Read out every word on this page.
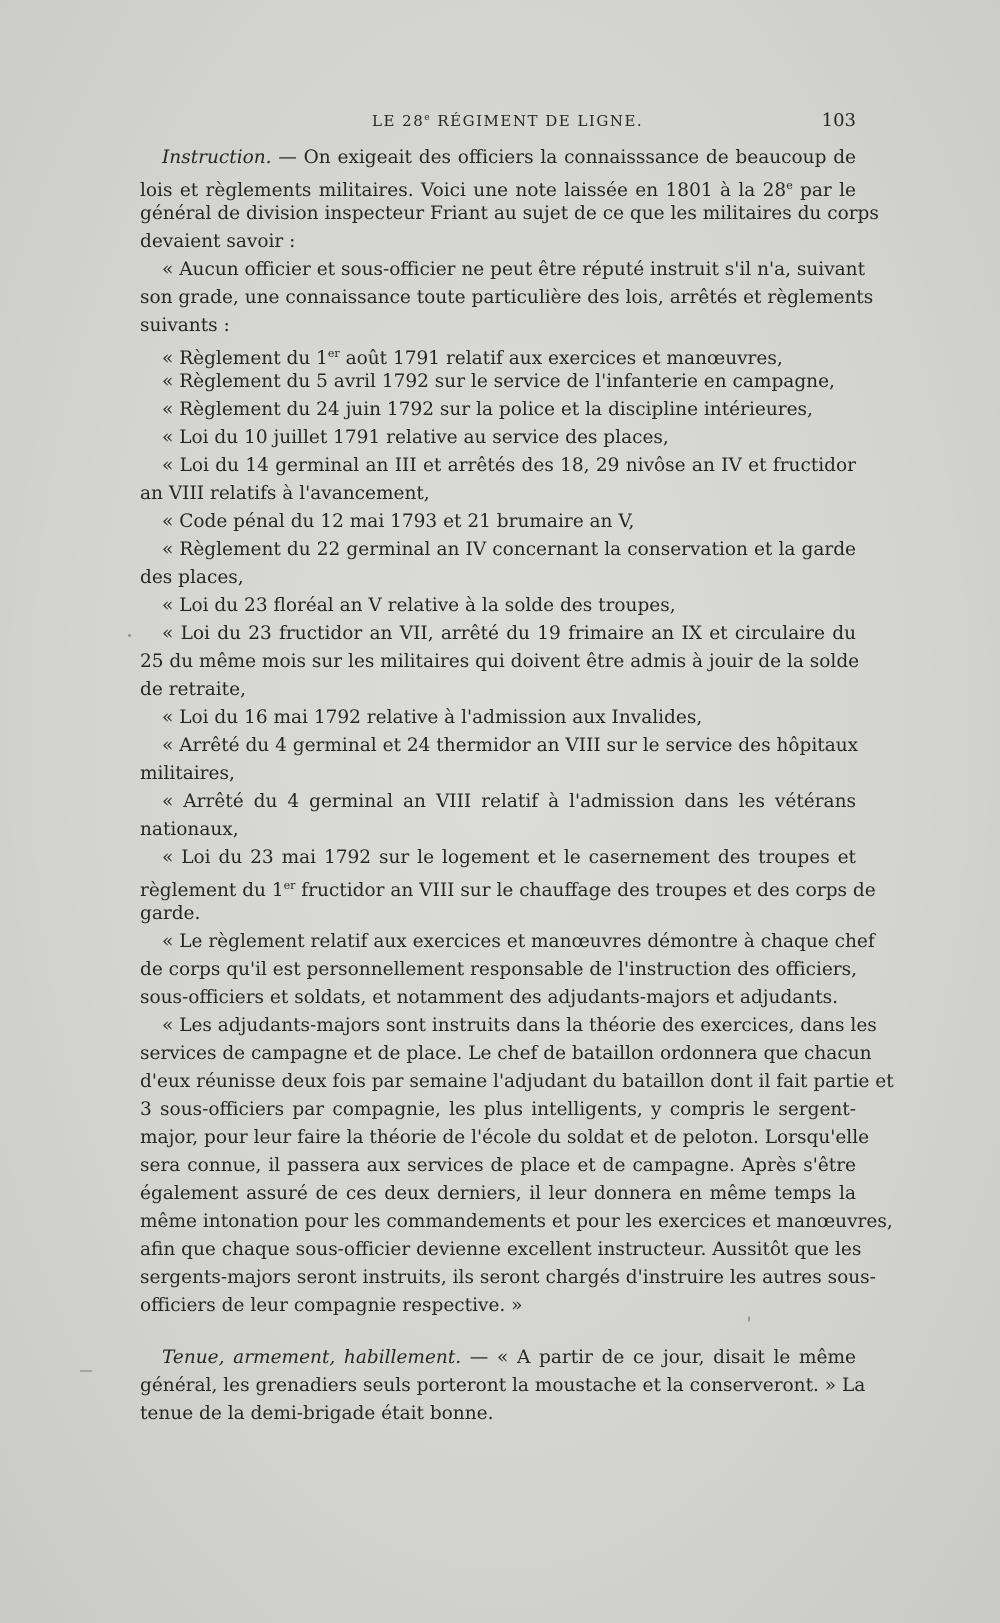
LE 28e RÉGIMENT DE LIGNE.	103
Instruction. — On exigeait des officiers la connaisssance de beaucoup de
lois et règlements militaires. Voici une note laissée en 1801 à la 28e par le
général de division inspecteur Friant au sujet de ce que les militaires du corps
devaient savoir :
« Aucun officier et sous-officier ne peut être réputé instruit s'il n'a, suivant
son grade, une connaissance toute particulière des lois, arrêtés et règlements
suivants :
« Règlement du 1er août 1791 relatif aux exercices et manœuvres,
« Règlement du 5 avril 1792 sur le service de l'infanterie en campagne,
« Règlement du 24 juin 1792 sur la police et la discipline intérieures,
« Loi du 10 juillet 1791 relative au service des places,
« Loi du 14 germinal an III et arrêtés des 18, 29 nivôse an IV et fructidor
an VIII relatifs à l'avancement,
« Code pénal du 12 mai 1793 et 21 brumaire an V,
« Règlement du 22 germinal an IV concernant la conservation et la garde
des places,
« Loi du 23 floréal an V relative à la solde des troupes,
« Loi du 23 fructidor an VII, arrêté du 19 frimaire an IX et circulaire du
25 du même mois sur les militaires qui doivent être admis à jouir de la solde
de retraite,
« Loi du 16 mai 1792 relative à l'admission aux Invalides,
« Arrêté du 4 germinal et 24 thermidor an VIII sur le service des hôpitaux
militaires,
« Arrêté du 4 germinal an VIII relatif à l'admission dans les vétérans
nationaux,
« Loi du 23 mai 1792 sur le logement et le casernement des troupes et
règlement du 1er fructidor an VIII sur le chauffage des troupes et des corps de
garde.
« Le règlement relatif aux exercices et manœuvres démontre à chaque chef
de corps qu'il est personnellement responsable de l'instruction des officiers,
sous-officiers et soldats, et notamment des adjudants-majors et adjudants.
« Les adjudants-majors sont instruits dans la théorie des exercices, dans les
services de campagne et de place. Le chef de bataillon ordonnera que chacun
d'eux réunisse deux fois par semaine l'adjudant du bataillon dont il fait partie et
3 sous-officiers par compagnie, les plus intelligents, y compris le sergent-
major, pour leur faire la théorie de l'école du soldat et de peloton. Lorsqu'elle
sera connue, il passera aux services de place et de campagne. Après s'être
également assuré de ces deux derniers, il leur donnera en même temps la
même intonation pour les commandements et pour les exercices et manœuvres,
afin que chaque sous-officier devienne excellent instructeur. Aussitôt que les
sergents-majors seront instruits, ils seront chargés d'instruire les autres sous-
officiers de leur compagnie respective. »
Tenue, armement, habillement. — « A partir de ce jour, disait le même
général, les grenadiers seuls porteront la moustache et la conserveront. » La
tenue de la demi-brigade était bonne.
